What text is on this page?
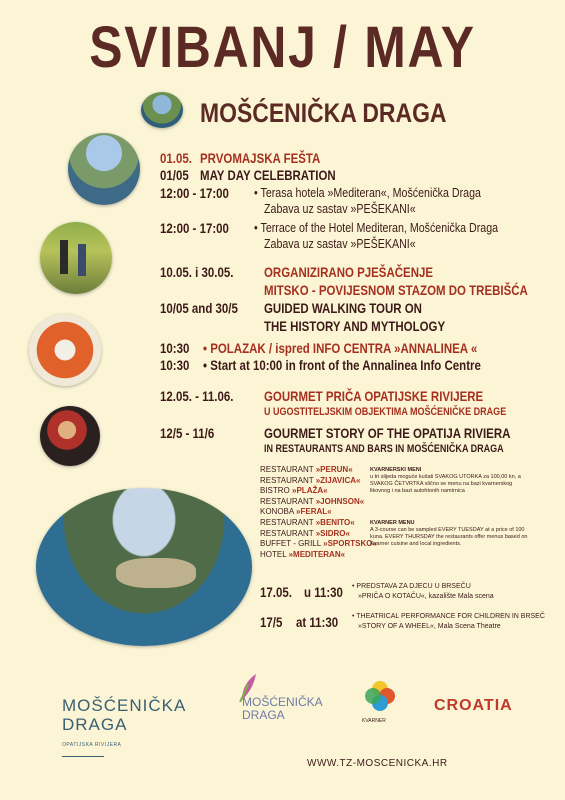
SVIBANJ / MAY
MOŠĆENIČKA DRAGA
01.05. PRVOMAJSKA FEŠTA
01/05 MAY DAY CELEBRATION
12:00 - 17:00 • Terasa hotela »Mediteran«, Mošćenička Draga
Zabava uz sastav »PEŠEKANI«
12:00 - 17:00 • Terrace of the Hotel Mediteran, Mošćenička Draga
Zabava uz sastav »PEŠEKANI«
10.05. i 30.05. ORGANIZIRANO PJEŠAČENJE
MITSKO - POVIJESNOM STAZOM DO TREBIŠĆA
10/05 and 30/5 GUIDED WALKING TOUR ON
THE HISTORY AND MYTHOLOGY
10:30 • POLAZAK / ispred INFO CENTRA »ANNALINEA «
10:30 • Start at 10:00 in front of the Annalinea Info Centre
12.05. - 11.06. GOURMET PRIČA OPATIJSKE RIVIJERE
U UGOSTITELJSKIM OBJEKTIMA MOŠĆENIČKE DRAGE
12/5 - 11/6	GOURMET STORY OF THE OPATIJA RIVIERA
IN RESTAURANTS AND BARS IN MOŠĆENIČKA DRAGA
RESTAURANT »PERUN«
RESTAURANT »ZIJAVICA«
BISTRO »PLAŽA«
RESTAURANT »JOHNSON«
KONOBA »FERAL«
RESTAURANT »BENITO«
RESTAURANT »SIDRO«
BUFFET - GRILL »SPORTSKO«
HOTEL »MEDITERAN«
KVARNERSKI MENI
u tri slijeda moguće kušati SVAKOG UTORKA za 100,00 kn, a SVAKOG ČETVRTKA slično se menu na bazi kvarnerskog likovnog i na bazi autohtonih namirnica
KVARNER MENU
A 3-course can be sampled EVERY TUESDAY at a price of 100 kuna. EVERY THURSDAY the restaurants offer menus based on Kvarner cuisine and local ingredients.
17.05. u 11:30 • PREDSTAVA ZA DJECU U BRSEČU
»PRIČA O KOTAČU«, kazalište Mala scena
17/5 at 11:30 • THEATRICAL PERFORMANCE FOR CHILDREN IN BRSEČ
»STORY OF A WHEEL«, Mala Scena Theatre
MOŠĆENIČKA
DRAGA
OPATIJSKA RIVIJERA
MOŠĆENIČKA
DRAGA	KVARNER
CROATIA
WWW.TZ-MOSCENICKA.HR
